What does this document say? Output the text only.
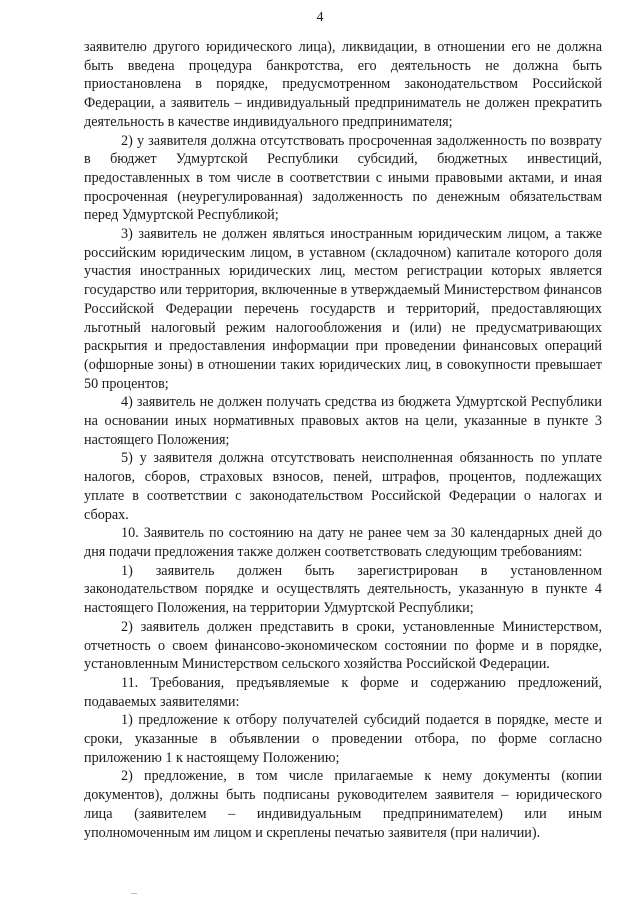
4

заявителю другого юридического лица), ликвидации, в отношении его не должна быть введена процедура банкротства, его деятельность не должна быть приостановлена в порядке, предусмотренном законодательством Российской Федерации, а заявитель – индивидуальный предприниматель не должен прекратить деятельность в качестве индивидуального предпринимателя;

2) у заявителя должна отсутствовать просроченная задолженность по возврату в бюджет Удмуртской Республики субсидий, бюджетных инвестиций, предоставленных в том числе в соответствии с иными правовыми актами, и иная просроченная (неурегулированная) задолженность по денежным обязательствам перед Удмуртской Республикой;

3) заявитель не должен являться иностранным юридическим лицом, а также российским юридическим лицом, в уставном (складочном) капитале которого доля участия иностранных юридических лиц, местом регистрации которых является государство или территория, включенные в утверждаемый Министерством финансов Российской Федерации перечень государств и территорий, предоставляющих льготный налоговый режим налогообложения и (или) не предусматривающих раскрытия и предоставления информации при проведении финансовых операций (офшорные зоны) в отношении таких юридических лиц, в совокупности превышает 50 процентов;

4) заявитель не должен получать средства из бюджета Удмуртской Республики на основании иных нормативных правовых актов на цели, указанные в пункте 3 настоящего Положения;

5) у заявителя должна отсутствовать неисполненная обязанность по уплате налогов, сборов, страховых взносов, пеней, штрафов, процентов, подлежащих уплате в соответствии с законодательством Российской Федерации о налогах и сборах.

10. Заявитель по состоянию на дату не ранее чем за 30 календарных дней до дня подачи предложения также должен соответствовать следующим требованиям:

1) заявитель должен быть зарегистрирован в установленном законодательством порядке и осуществлять деятельность, указанную в пункте 4 настоящего Положения, на территории Удмуртской Республики;

2) заявитель должен представить в сроки, установленные Министерством, отчетность о своем финансово-экономическом состоянии по форме и в порядке, установленным Министерством сельского хозяйства Российской Федерации.

11. Требования, предъявляемые к форме и содержанию предложений, подаваемых заявителями:

1) предложение к отбору получателей субсидий подается в порядке, месте и сроки, указанные в объявлении о проведении отбора, по форме согласно приложению 1 к настоящему Положению;

2) предложение, в том числе прилагаемые к нему документы (копии документов), должны быть подписаны руководителем заявителя – юридического лица (заявителем – индивидуальным предпринимателем) или иным уполномоченным им лицом и скреплены печатью заявителя (при наличии).
